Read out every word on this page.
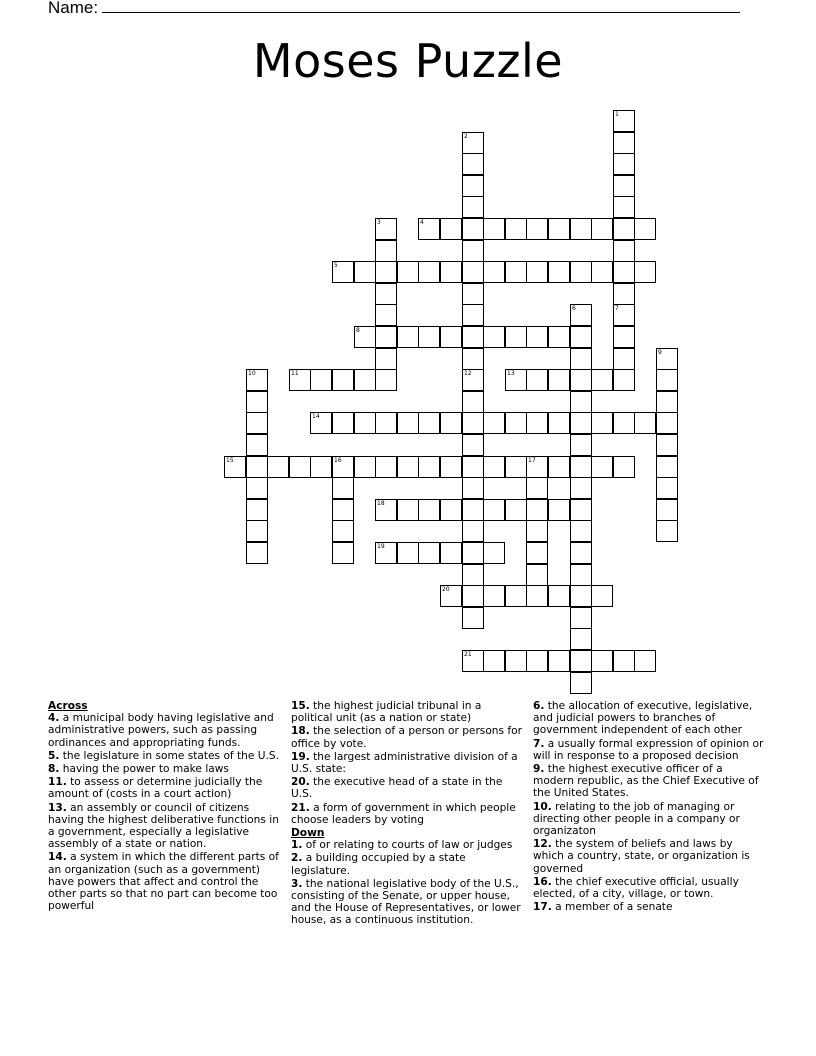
Name:
Moses Puzzle
1
7
2
12
3	4
5
6
8
9
10	11	13
14
15	16	17
18
19
20
21

Across

4. a municipal body having legislative and administrative powers, such as passing ordinances and appropriating funds.

5. the legislature in some states of the U.S.

8. having the power to make laws

11. to assess or determine judicially the amount of (costs in a court action)

13. an assembly or council of citizens having the highest deliberative functions in a government, especially a legislative assembly of a state or nation.

14. a system in which the different parts of an organization (such as a government) have powers that affect and control the other parts so that no part can become too powerful

15. the highest judicial tribunal in a political unit (as a nation or state)

18. the selection of a person or persons for office by vote.

19. the largest administrative division of a U.S. state:

20. the executive head of a state in the U.S.

21. a form of government in which people choose leaders by voting

Down

1. of or relating to courts of law or judges

2. a building occupied by a state legislature.

3. the national legislative body of the U.S., consisting of the Senate, or upper house, and the House of Representatives, or lower house, as a continuous institution.

6. the allocation of executive, legislative, and judicial powers to branches of government independent of each other

7. a usually formal expression of opinion or will in response to a proposed decision

9. the highest executive officer of a modern republic, as the Chief Executive of the United States.

10. relating to the job of managing or directing other people in a company or organizaton

12. the system of beliefs and laws by which a country, state, or organization is governed

16. the chief executive official, usually elected, of a city, village, or town.

17. a member of a senate
